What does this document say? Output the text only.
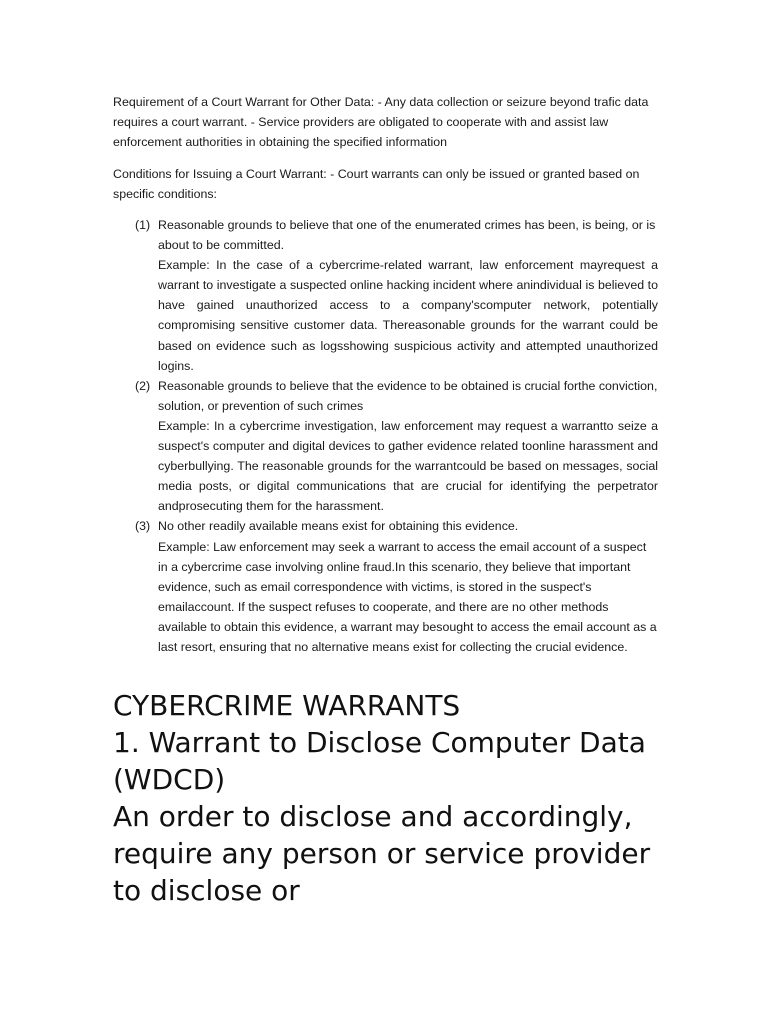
Requirement of a Court Warrant for Other Data: - Any data collection or seizure beyond trafic data requires a court warrant. - Service providers are obligated to cooperate with and assist law enforcement authorities in obtaining the specified information

Conditions for Issuing a Court Warrant: - Court warrants can only be issued or granted based on specific conditions:

(1) Reasonable grounds to believe that one of the enumerated crimes has been, is being, or is about to be committed.
Example: In the case of a cybercrime-related warrant, law enforcement mayrequest a warrant to investigate a suspected online hacking incident where anindividual is believed to have gained unauthorized access to a company'scomputer network, potentially compromising sensitive customer data. Thereasonable grounds for the warrant could be based on evidence such as logsshowing suspicious activity and attempted unauthorized logins.
(2) Reasonable grounds to believe that the evidence to be obtained is crucial forthe conviction, solution, or prevention of such crimes
Example: In a cybercrime investigation, law enforcement may request a warrantto seize a suspect's computer and digital devices to gather evidence related toonline harassment and cyberbullying. The reasonable grounds for the warrantcould be based on messages, social media posts, or digital communications that are crucial for identifying the perpetrator andprosecuting them for the harassment.
(3) No other readily available means exist for obtaining this evidence.
Example: Law enforcement may seek a warrant to access the email account of a suspect in a cybercrime case involving online fraud.In this scenario, they believe that important evidence, such as email correspondence with victims, is stored in the suspect's emailaccount. If the suspect refuses to cooperate, and there are no other methods available to obtain this evidence, a warrant may besought to access the email account as a last resort, ensuring that no alternative means exist for collecting the crucial evidence.
CYBERCRIME WARRANTS
1. Warrant to Disclose Computer Data (WDCD)

An order to disclose and accordingly, require any person or service provider to disclose or
